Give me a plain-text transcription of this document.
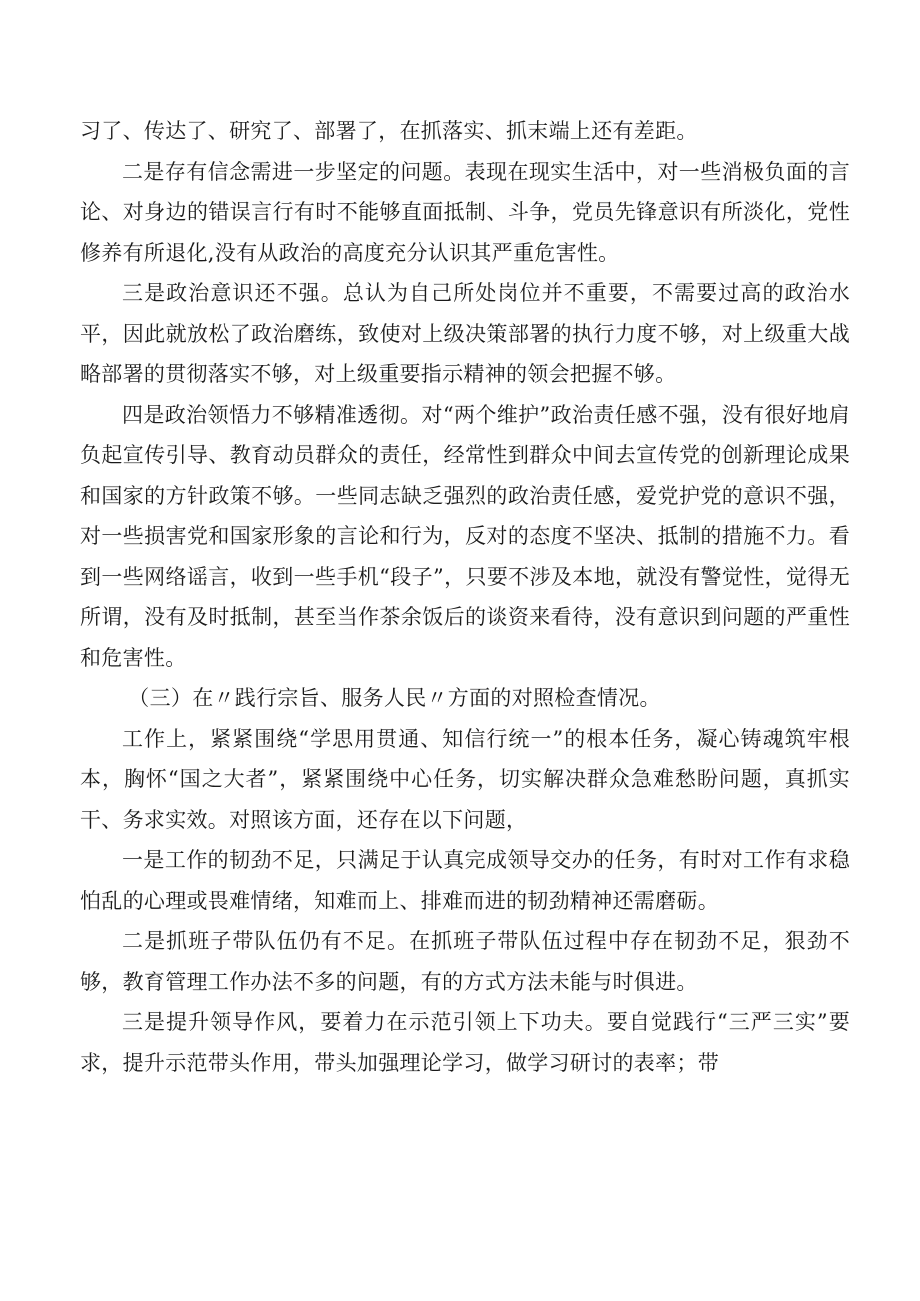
习了、传达了、研究了、部署了，在抓落实、抓末端上还有差距。

二是存有信念需进一步坚定的问题。表现在现实生活中，对一些消极负面的言论、对身边的错误言行有时不能够直面抵制、斗争，党员先锋意识有所淡化，党性修养有所退化,没有从政治的高度充分认识其严重危害性。

三是政治意识还不强。总认为自己所处岗位并不重要，不需要过高的政治水平，因此就放松了政治磨练，致使对上级决策部署的执行力度不够，对上级重大战略部署的贯彻落实不够，对上级重要指示精神的领会把握不够。

四是政治领悟力不够精准透彻。对“两个维护”政治责任感不强，没有很好地肩负起宣传引导、教育动员群众的责任，经常性到群众中间去宣传党的创新理论成果和国家的方针政策不够。一些同志缺乏强烈的政治责任感，爱党护党的意识不强，对一些损害党和国家形象的言论和行为，反对的态度不坚决、抵制的措施不力。看到一些网络谣言，收到一些手机“段子”，只要不涉及本地，就没有警觉性，觉得无所谓，没有及时抵制，甚至当作茶余饭后的谈资来看待，没有意识到问题的严重性和危害性。

（三）在〃践行宗旨、服务人民〃方面的对照检查情况。

工作上，紧紧围绕“学思用贯通、知信行统一”的根本任务，凝心铸魂筑牢根本，胸怀“国之大者”，紧紧围绕中心任务，切实解决群众急难愁盼问题，真抓实干、务求实效。对照该方面，还存在以下问题，

一是工作的韧劲不足，只满足于认真完成领导交办的任务，有时对工作有求稳怕乱的心理或畏难情绪，知难而上、排难而进的韧劲精神还需磨砺。

二是抓班子带队伍仍有不足。在抓班子带队伍过程中存在韧劲不足，狠劲不够，教育管理工作办法不多的问题，有的方式方法未能与时俱进。

三是提升领导作风，要着力在示范引领上下功夫。要自觉践行“三严三实”要求，提升示范带头作用，带头加强理论学习，做学习研讨的表率；带
